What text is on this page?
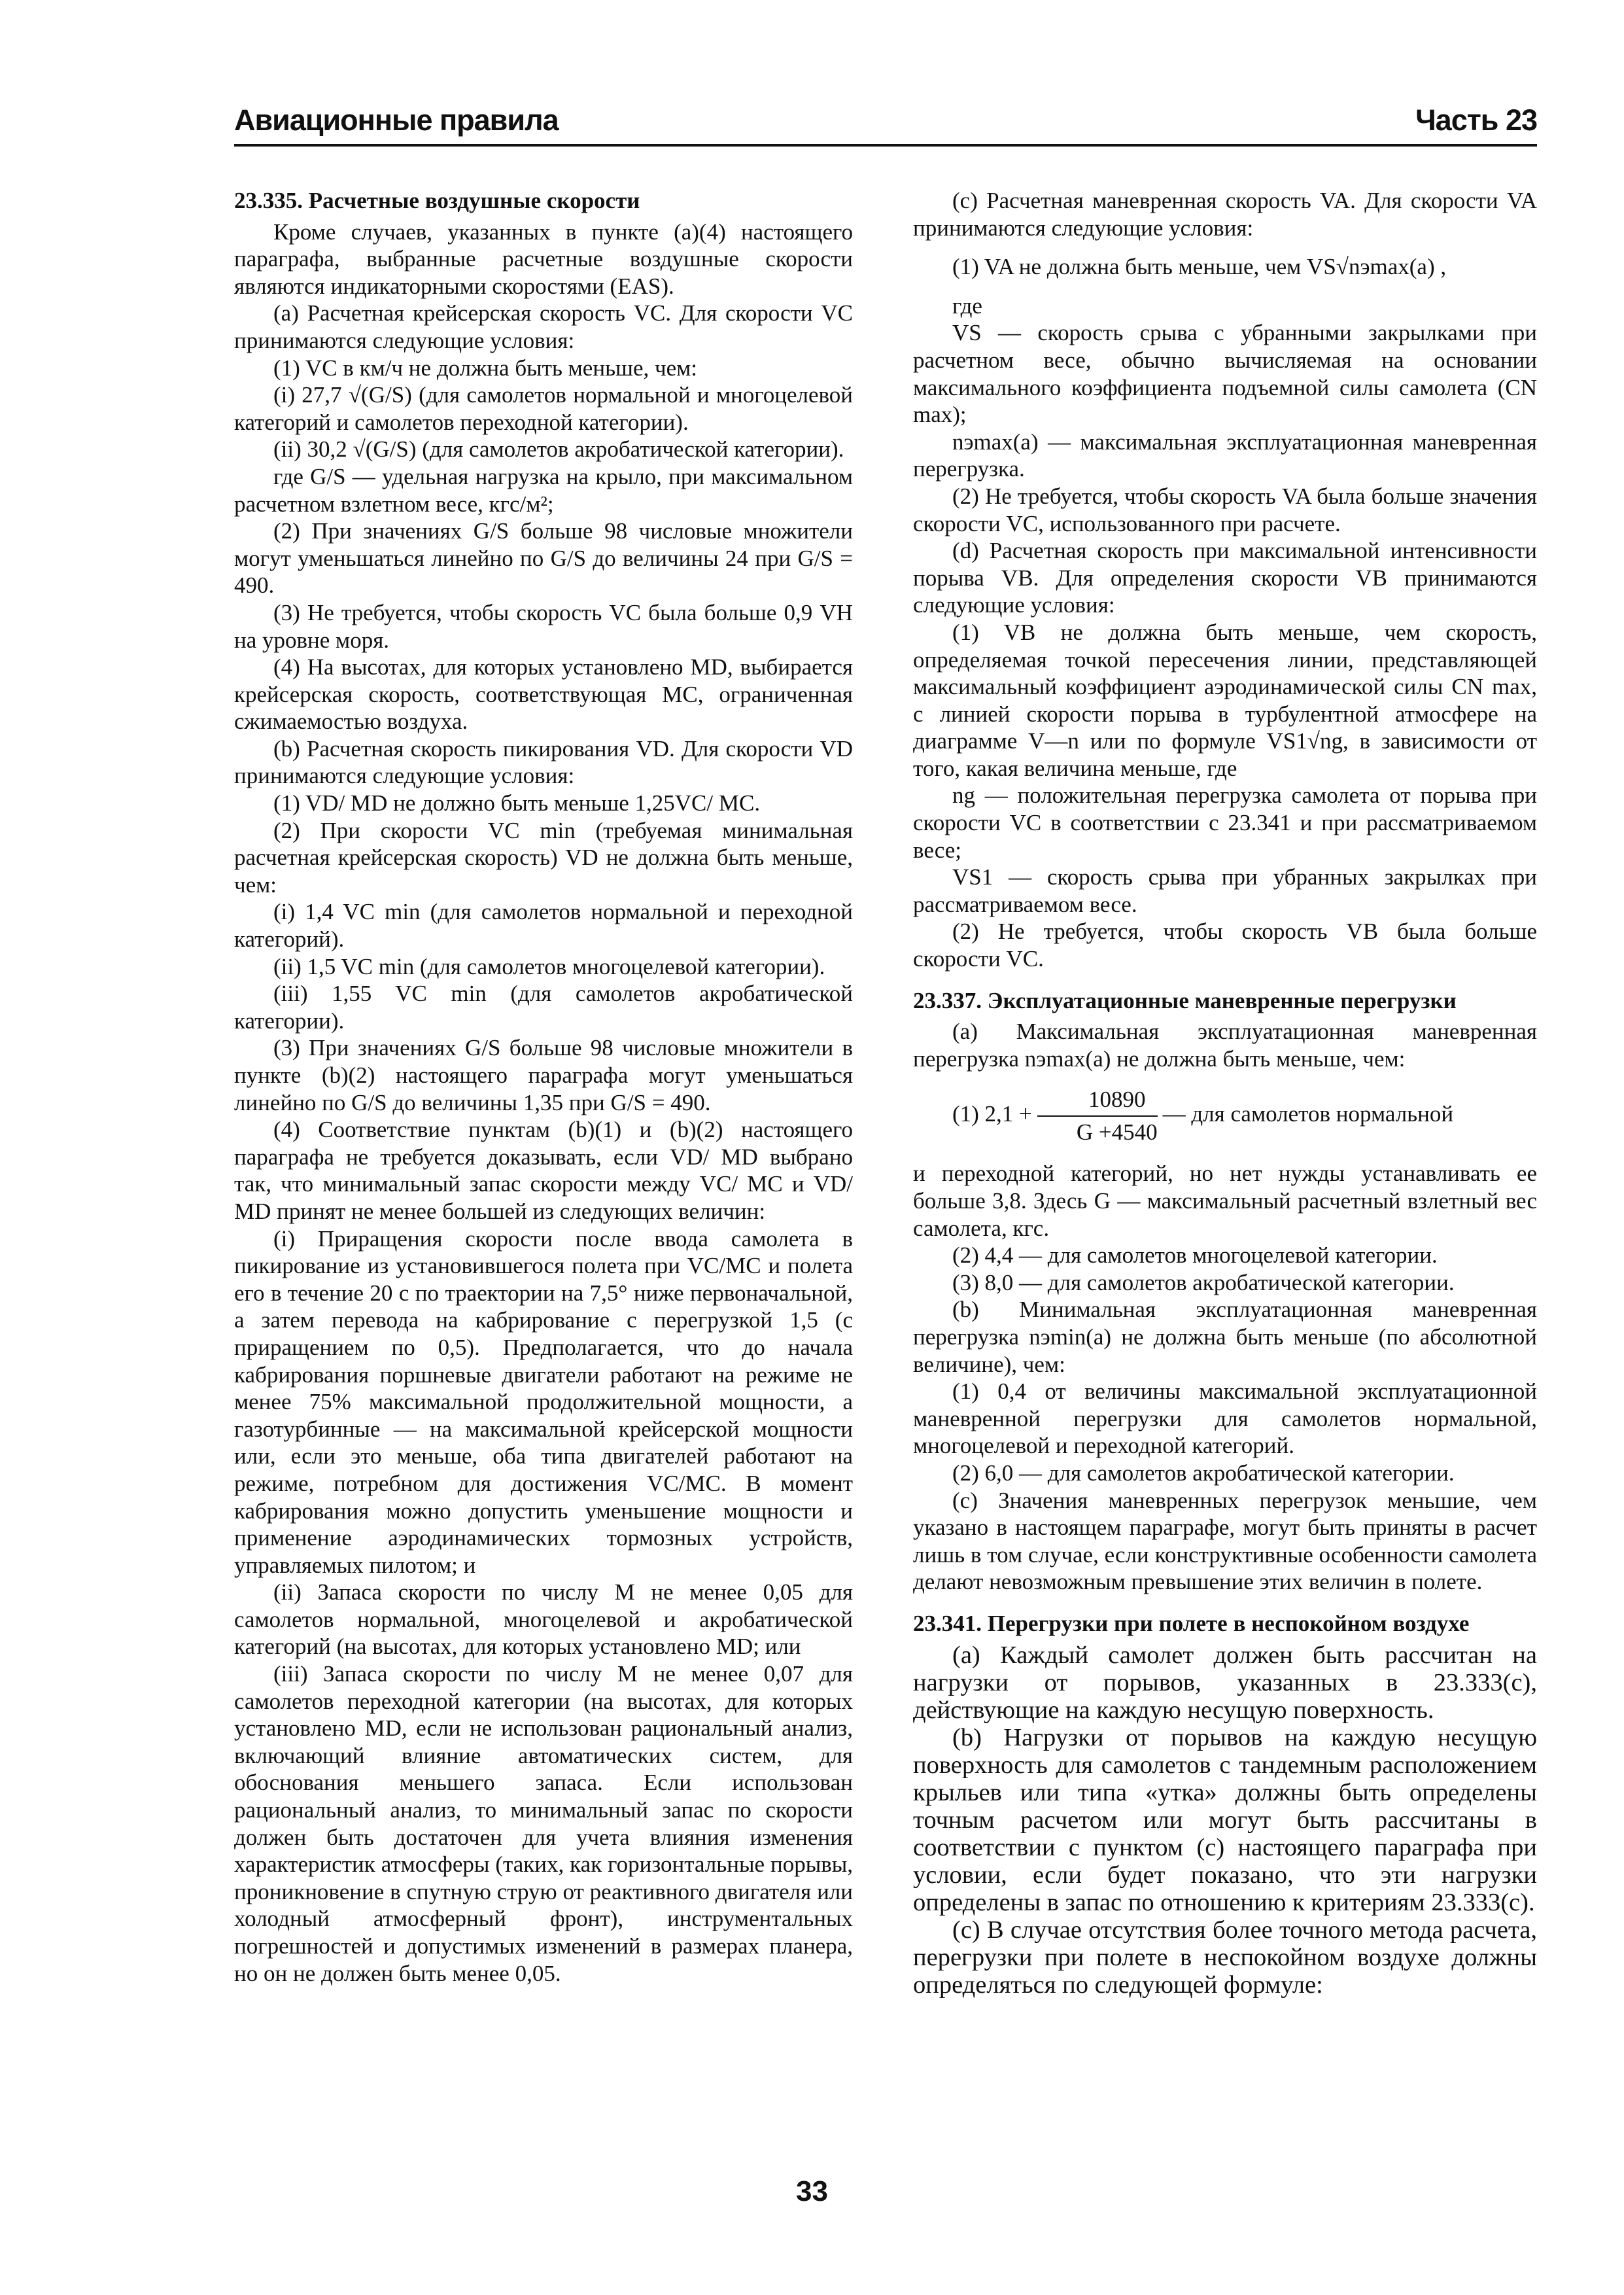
Авиационные правила	Часть 23
23.335. Расчетные воздушные скорости

Кроме случаев, указанных в пункте (а)(4) настоящего параграфа, выбранные расчетные воздушные скорости являются индикаторными скоростями (EAS).

(а) Расчетная крейсерская скорость VC. Для скорости VC принимаются следующие условия:

(1) VC в км/ч не должна быть меньше, чем:

(i) 27,7 √(G/S) (для самолетов нормальной и многоцелевой категорий и самолетов переходной категории).

(ii) 30,2 √(G/S) (для самолетов акробатической категории).

где G/S — удельная нагрузка на крыло, при максимальном расчетном взлетном весе, кгс/м²;

(2) При значениях G/S больше 98 числовые множители могут уменьшаться линейно по G/S до величины 24 при G/S = 490.

(3) Не требуется, чтобы скорость VC была больше 0,9 VH на уровне моря.

(4) На высотах, для которых установлено MD, выбирается крейсерская скорость, соответствующая MC, ограниченная сжимаемостью воздуха.

(b) Расчетная скорость пикирования VD. Для скорости VD принимаются следующие условия:

(1) VD/ MD не должно быть меньше 1,25VC/ MC.

(2) При скорости VC min (требуемая минимальная расчетная крейсерская скорость) VD не должна быть меньше, чем:

(i) 1,4 VC min (для самолетов нормальной и переходной категорий).

(ii) 1,5 VC min (для самолетов многоцелевой категории).

(iii) 1,55 VC min (для самолетов акробатической категории).

(3) При значениях G/S больше 98 числовые множители в пункте (b)(2) настоящего параграфа могут уменьшаться линейно по G/S до величины 1,35 при G/S = 490.

(4) Соответствие пунктам (b)(1) и (b)(2) настоящего параграфа не требуется доказывать, если VD/ MD выбрано так, что минимальный запас скорости между VC/ MC и VD/ MD принят не менее большей из следующих величин:

(i) Приращения скорости после ввода самолета в пикирование из установившегося полета при VC/MC и полета его в течение 20 с по траектории на 7,5° ниже первоначальной, а затем перевода на кабрирование с перегрузкой 1,5 (с приращением по 0,5). Предполагается, что до начала кабрирования поршневые двигатели работают на режиме не менее 75% максимальной продолжительной мощности, а газотурбинные — на максимальной крейсерской мощности или, если это меньше, оба типа двигателей работают на режиме, потребном для достижения VC/MC. В момент кабрирования можно допустить уменьшение мощности и применение аэродинамических тормозных устройств, управляемых пилотом; и

(ii) Запаса скорости по числу М не менее 0,05 для самолетов нормальной, многоцелевой и акробатической категорий (на высотах, для которых установлено MD; или

(iii) Запаса скорости по числу М не менее 0,07 для самолетов переходной категории (на высотах, для которых установлено MD, если не использован рациональный анализ, включающий влияние автоматических систем, для обоснования меньшего запаса. Если использован рациональный анализ, то минимальный запас по скорости должен быть достаточен для учета влияния изменения характеристик атмосферы (таких, как горизонтальные порывы, проникновение в спутную струю от реактивного двигателя или холодный атмосферный фронт), инструментальных погрешностей и допустимых изменений в размерах планера, но он не должен быть менее 0,05.

(с) Расчетная маневренная скорость VA. Для скорости VA принимаются следующие условия:

(1) VA не должна быть меньше, чем VS√nэmax(a) ,

где

VS — скорость срыва с убранными закрылками при расчетном весе, обычно вычисляемая на основании максимального коэффициента подъемной силы самолета (CN max);

nэmax(a) — максимальная эксплуатационная маневренная перегрузка.

(2) Не требуется, чтобы скорость VA была больше значения скорости VC, использованного при расчете.

(d) Расчетная скорость при максимальной интенсивности порыва VB. Для определения скорости VB принимаются следующие условия:

(1) VB не должна быть меньше, чем скорость, определяемая точкой пересечения линии, представляющей максимальный коэффициент аэродинамической силы CN max, с линией скорости порыва в турбулентной атмосфере на диаграмме V—n или по формуле VS1√ng, в зависимости от того, какая величина меньше, где

ng — положительная перегрузка самолета от порыва при скорости VC в соответствии с 23.341 и при рассматриваемом весе;

VS1 — скорость срыва при убранных закрылках при рассматриваемом весе.

(2) Не требуется, чтобы скорость VB была больше скорости VC.

23.337. Эксплуатационные маневренные перегрузки

(а) Максимальная эксплуатационная маневренная перегрузка nэmax(a) не должна быть меньше, чем:

(1) $2,1 + \frac{10890}{G +4540}$ — для самолетов нормальной

и переходной категорий, но нет нужды устанавливать ее больше 3,8. Здесь G — максимальный расчетный взлетный вес самолета, кгс.

(2) 4,4 — для самолетов многоцелевой категории.

(3) 8,0 — для самолетов акробатической категории.

(b) Минимальная эксплуатационная маневренная перегрузка nэmin(a) не должна быть меньше (по абсолютной величине), чем:

(1) 0,4 от величины максимальной эксплуатационной маневренной перегрузки для самолетов нормальной, многоцелевой и переходной категорий.

(2) 6,0 — для самолетов акробатической категории.

(с) Значения маневренных перегрузок меньшие, чем указано в настоящем параграфе, могут быть приняты в расчет лишь в том случае, если конструктивные особенности самолета делают невозможным превышение этих величин в полете.

23.341. Перегрузки при полете в неспокойном воздухе

(а) Каждый самолет должен быть рассчитан на нагрузки от порывов, указанных в 23.333(с), действующие на каждую несущую поверхность.

(b) Нагрузки от порывов на каждую несущую поверхность для самолетов с тандемным расположением крыльев или типа «утка» должны быть определены точным расчетом или могут быть рассчитаны в соответствии с пунктом (с) настоящего параграфа при условии, если будет показано, что эти нагрузки определены в запас по отношению к критериям 23.333(с).

(с) В случае отсутствия более точного метода расчета, перегрузки при полете в неспокойном воздухе должны определяться по следующей формуле:

33
